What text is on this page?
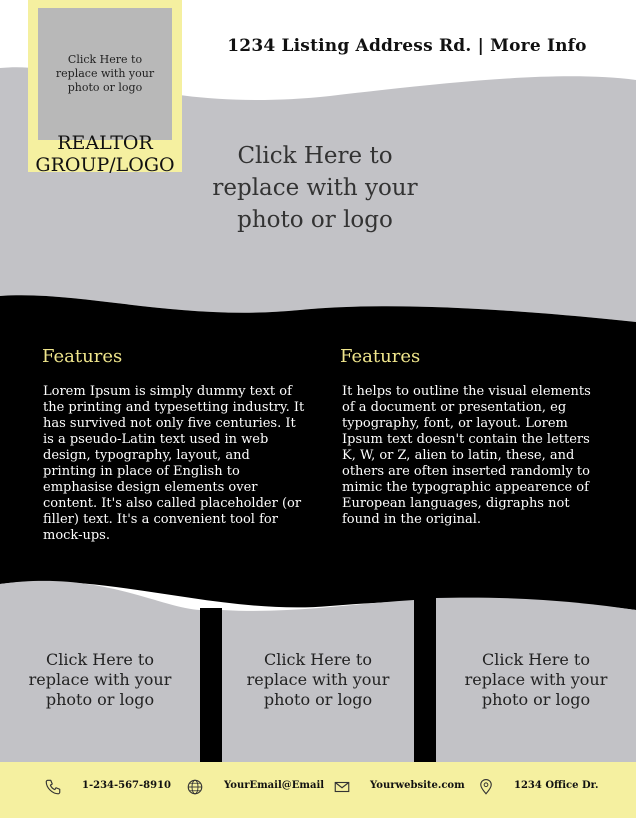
Click Here to replace with your photo or logo
REALTOR GROUP/LOGO
1234 Listing Address Rd. | More Info
Click Here to replace with your photo or logo
Features
Lorem Ipsum is simply dummy text of the printing and typesetting industry. It has survived not only five centuries. It is a pseudo-Latin text used in web design, typography, layout, and printing in place of English to emphasise design elements over content. It's also called placeholder (or filler) text. It's a convenient tool for mock-ups.
Features
It helps to outline the visual elements of a document or presentation, eg typography, font, or layout. Lorem Ipsum text doesn't contain the letters K, W, or Z, alien to latin, these, and others are often inserted randomly to mimic the typographic appearence of European languages, digraphs not found in the original.
Click Here to replace with your photo or logo
Click Here to replace with your photo or logo
Click Here to replace with your photo or logo
1-234-567-8910	YourEmail@Email	Yourwebsite.com	1234 Office Dr.
